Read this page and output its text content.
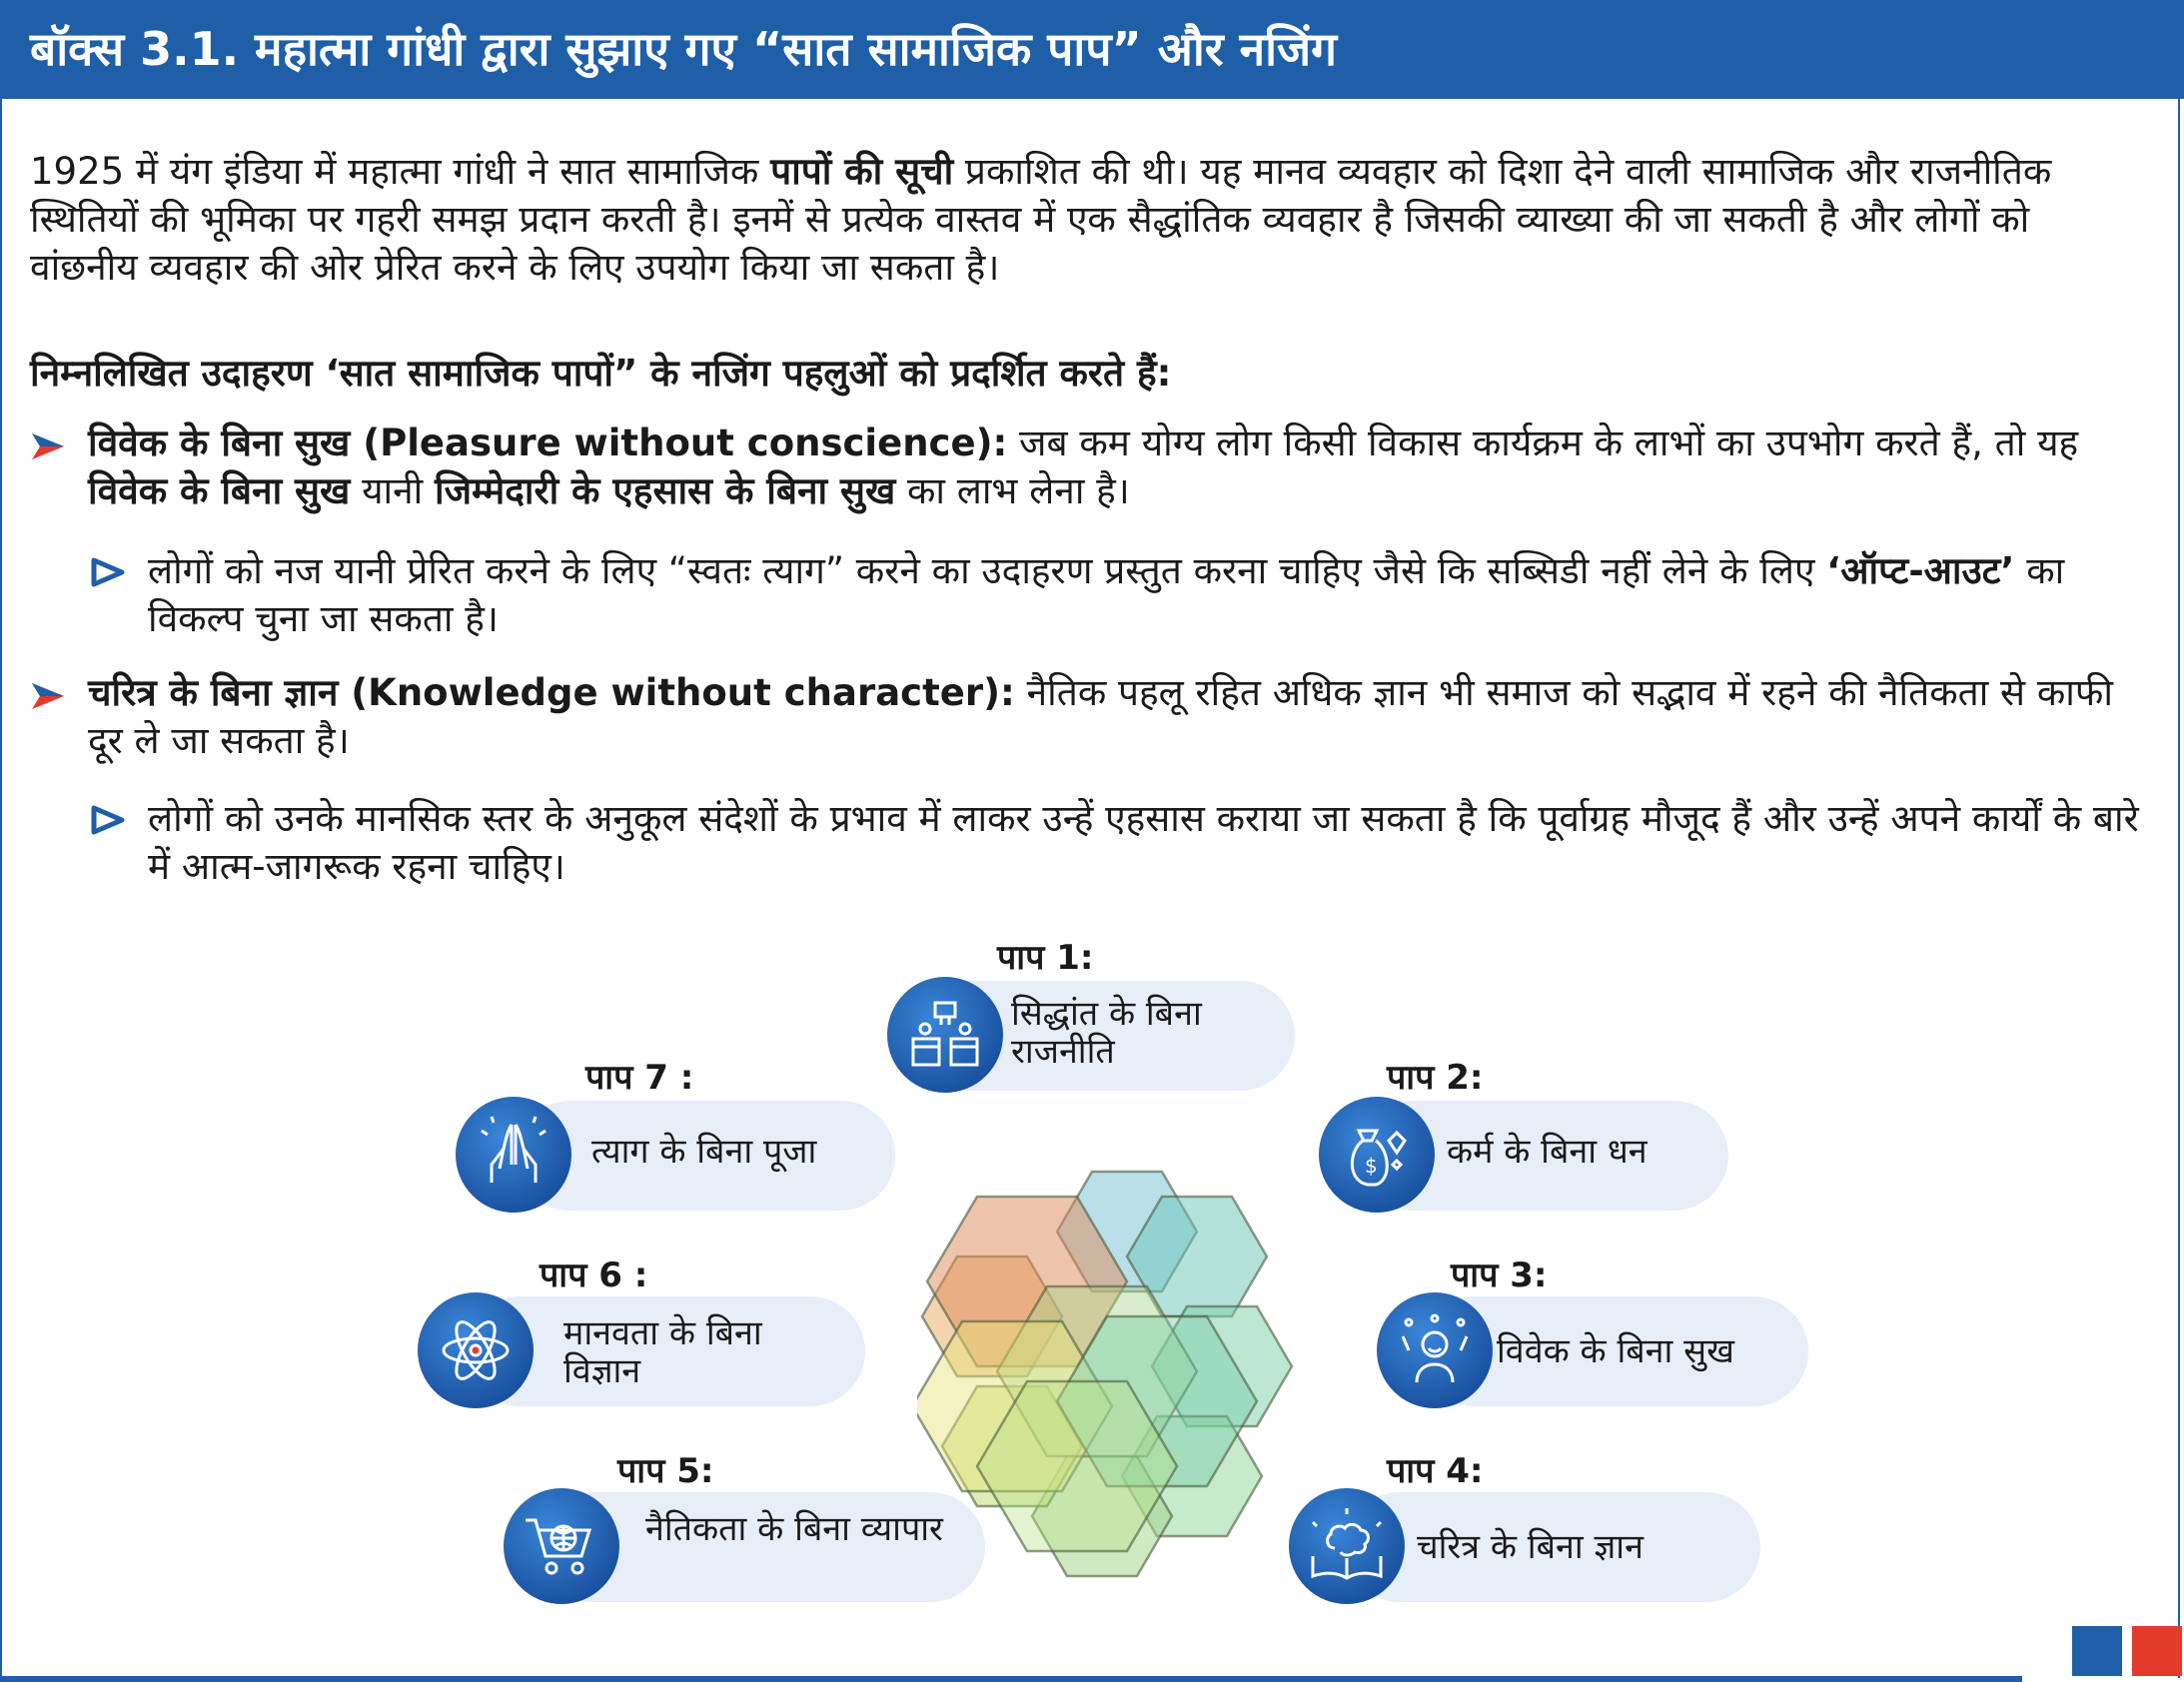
बॉक्स 3.1. महात्मा गांधी द्वारा सुझाए गए “सात सामाजिक पाप” और नजिंग

1925 में यंग इंडिया में महात्मा गांधी ने सात सामाजिक पापों की सूची प्रकाशित की थी। यह मानव व्यवहार को दिशा देने वाली सामाजिक और राजनीतिक स्थितियों की भूमिका पर गहरी समझ प्रदान करती है। इनमें से प्रत्येक वास्तव में एक सैद्धांतिक व्यवहार है जिसकी व्याख्या की जा सकती है और लोगों को वांछनीय व्यवहार की ओर प्रेरित करने के लिए उपयोग किया जा सकता है।

निम्नलिखित उदाहरण ‘सात सामाजिक पापों” के नजिंग पहलुओं को प्रदर्शित करते हैं:

विवेक के बिना सुख (Pleasure without conscience): जब कम योग्य लोग किसी विकास कार्यक्रम के लाभों का उपभोग करते हैं, तो यह विवेक के बिना सुख यानी जिम्मेदारी के एहसास के बिना सुख का लाभ लेना है।

लोगों को नज यानी प्रेरित करने के लिए “स्वतः त्याग” करने का उदाहरण प्रस्तुत करना चाहिए जैसे कि सब्सिडी नहीं लेने के लिए ‘ऑप्ट-आउट’ का विकल्प चुना जा सकता है।

चरित्र के बिना ज्ञान (Knowledge without character): नैतिक पहलू रहित अधिक ज्ञान भी समाज को सद्भाव में रहने की नैतिकता से काफी दूर ले जा सकता है।

लोगों को उनके मानसिक स्तर के अनुकूल संदेशों के प्रभाव में लाकर उन्हें एहसास कराया जा सकता है कि पूर्वाग्रह मौजूद हैं और उन्हें अपने कार्यों के बारे में आत्म-जागरूक रहना चाहिए।

पाप 1:
सिद्धांत के बिना राजनीति
पाप 2:
$ कर्म के बिना धन
पाप 3:
विवेक के बिना सुख
पाप 4:
चरित्र के बिना ज्ञान
पाप 5:
नैतिकता के बिना व्यापार
पाप 6 :
मानवता के बिना विज्ञान
पाप 7 :
त्याग के बिना पूजा
